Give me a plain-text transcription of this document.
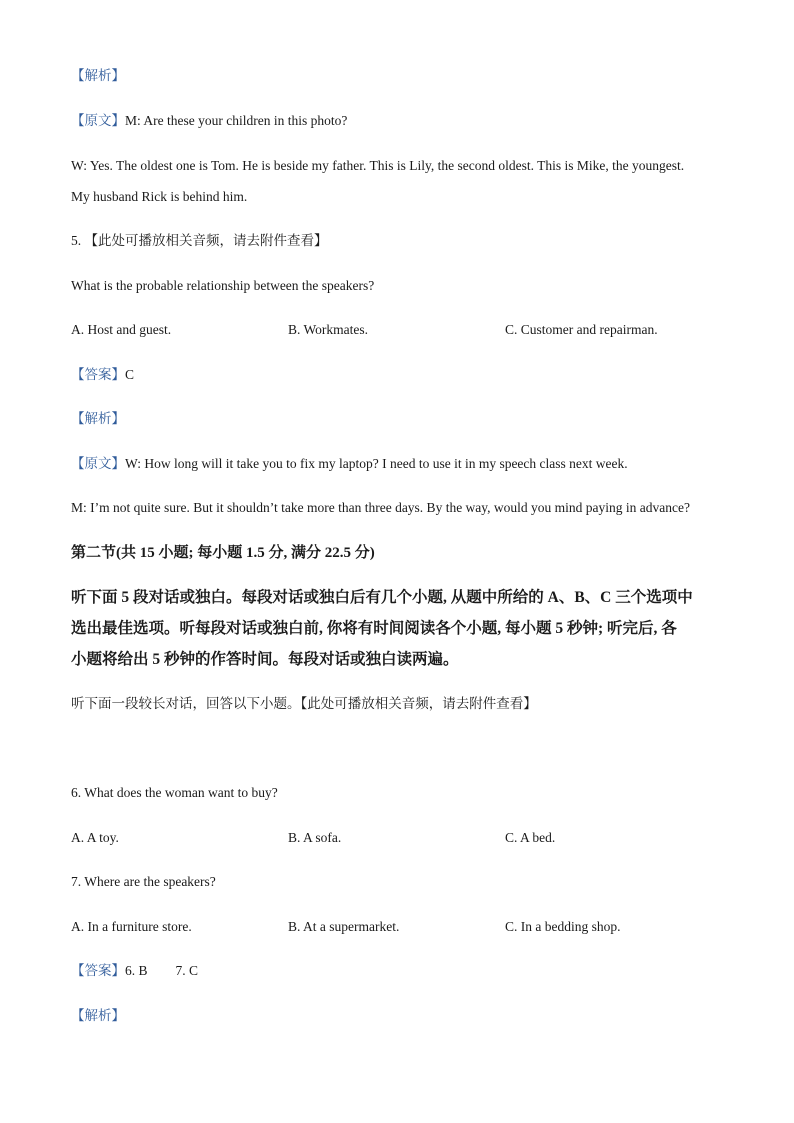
【解析】
【原文】M: Are these your children in this photo?
W: Yes. The oldest one is Tom. He is beside my father. This is Lily, the second oldest. This is Mike, the youngest.
My husband Rick is behind him.
5. 【此处可播放相关音频，请去附件查看】
What is the probable relationship between the speakers?
A. Host and guest.	B. Workmates.	C. Customer and repairman.
【答案】C
【解析】
【原文】W: How long will it take you to fix my laptop? I need to use it in my speech class next week.
M: I’m not quite sure. But it shouldn’t take more than three days. By the way, would you mind paying in advance?
第二节(共 15 小题; 每小题 1.5 分, 满分 22.5 分)
听下面 5 段对话或独白。每段对话或独白后有几个小题, 从题中所给的 A、B、C 三个选项中
选出最佳选项。听每段对话或独白前, 你将有时间阅读各个小题, 每小题 5 秒钟; 听完后, 各
小题将给出 5 秒钟的作答时间。每段对话或独白读两遍。
听下面一段较长对话，回答以下小题。【此处可播放相关音频，请去附件查看】
6. What does the woman want to buy?
A. A toy.	B. A sofa.	C. A bed.
7. Where are the speakers?
A. In a furniture store.	B. At a supermarket.	C. In a bedding shop.
【答案】6. B 7. C
【解析】
